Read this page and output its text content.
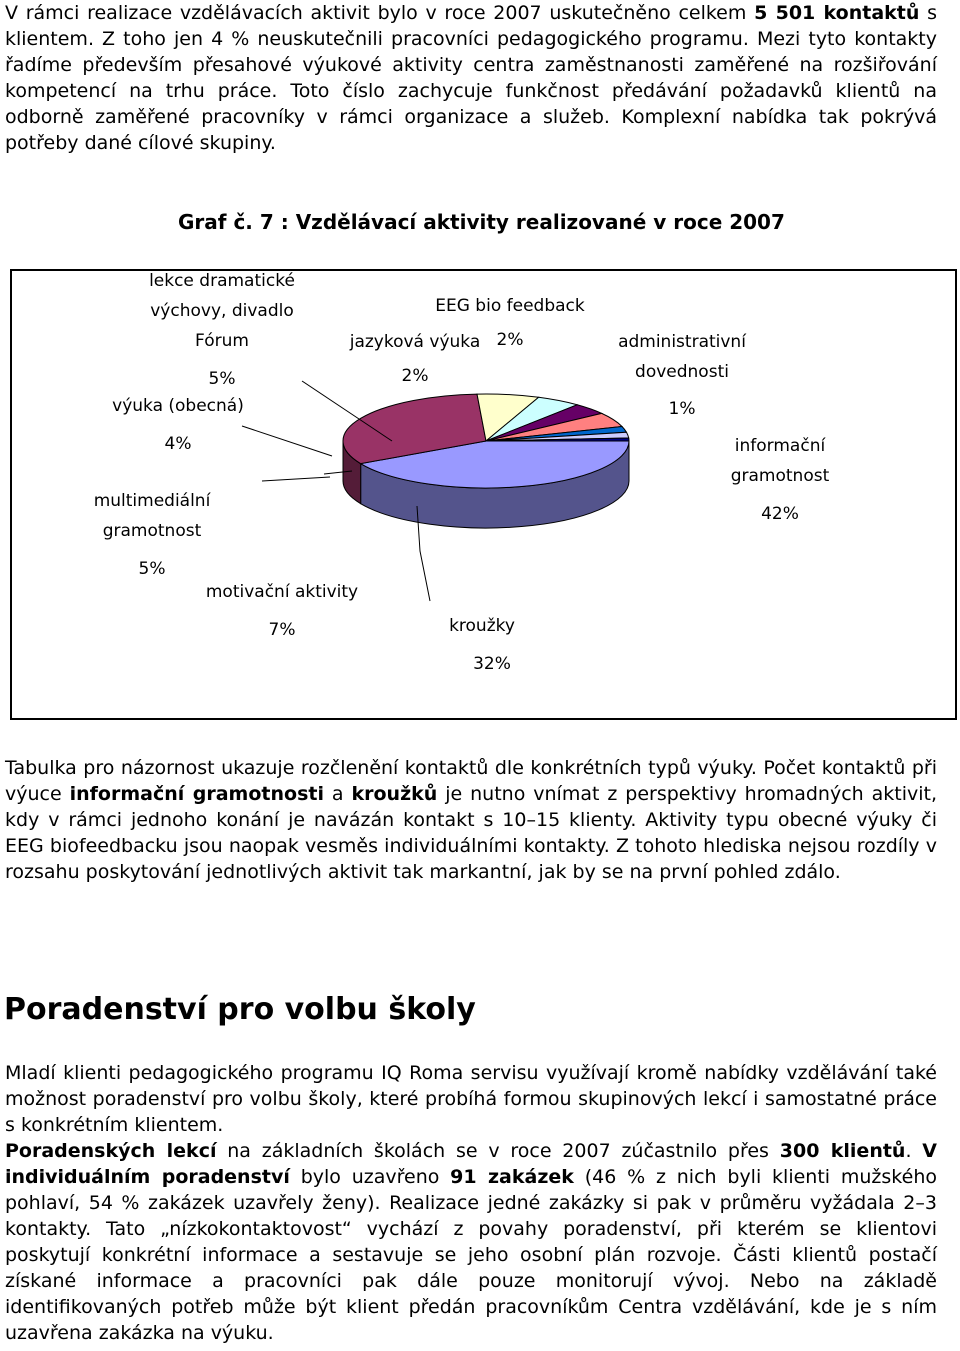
V rámci realizace vzdělávacích aktivit bylo v roce 2007 uskutečněno celkem 5 501 kontaktů s klientem. Z toho jen 4 % neuskutečnili pracovníci pedagogického programu. Mezi tyto kontakty řadíme především přesahové výukové aktivity centra zaměstnanosti zaměřené na rozšiřování kompetencí na trhu práce. Toto číslo zachycuje funkčnost předávání požadavků klientů na odborně zaměřené pracovníky v rámci organizace a služeb. Komplexní nabídka tak pokrývá potřeby dané cílové skupiny.

Graf č. 7 : Vzdělávací aktivity realizované v roce 2007
informační gramotnost
42%
kroužky
32%
motivační aktivity
7%
multimediální gramotnost
5%
výuka (obecná)
4%
lekce dramatické výchovy, divadlo Fórum
5%
jazyková výuka
2%
EEG bio feedback
2%	administrativní dovednosti
1%

Tabulka pro názornost ukazuje rozčlenění kontaktů dle konkrétních typů výuky. Počet kontaktů při výuce informační gramotnosti a kroužků je nutno vnímat z perspektivy hromadných aktivit, kdy v rámci jednoho konání je navázán kontakt s 10–15 klienty. Aktivity typu obecné výuky či EEG biofeedbacku jsou naopak vesměs individuálními kontakty. Z tohoto hlediska nejsou rozdíly v rozsahu poskytování jednotlivých aktivit tak markantní, jak by se na první pohled zdálo.

Poradenství pro volbu školy

Mladí klienti pedagogického programu IQ Roma servisu využívají kromě nabídky vzdělávání také možnost poradenství pro volbu školy, které probíhá formou skupinových lekcí i samostatné práce s konkrétním klientem.

Poradenských lekcí na základních školách se v roce 2007 zúčastnilo přes 300 klientů. V individuálním poradenství bylo uzavřeno 91 zakázek (46 % z nich byli klienti mužského pohlaví, 54 % zakázek uzavřely ženy). Realizace jedné zakázky si pak v průměru vyžádala 2–3 kontakty. Tato „nízkokontaktovost“ vychází z povahy poradenství, při kterém se klientovi poskytují konkrétní informace a sestavuje se jeho osobní plán rozvoje. Části klientů postačí získané informace a pracovníci pak dále pouze monitorují vývoj. Nebo na základě identifikovaných potřeb může být klient předán pracovníkům Centra vzdělávání, kde je s ním uzavřena zakázka na výuku.
